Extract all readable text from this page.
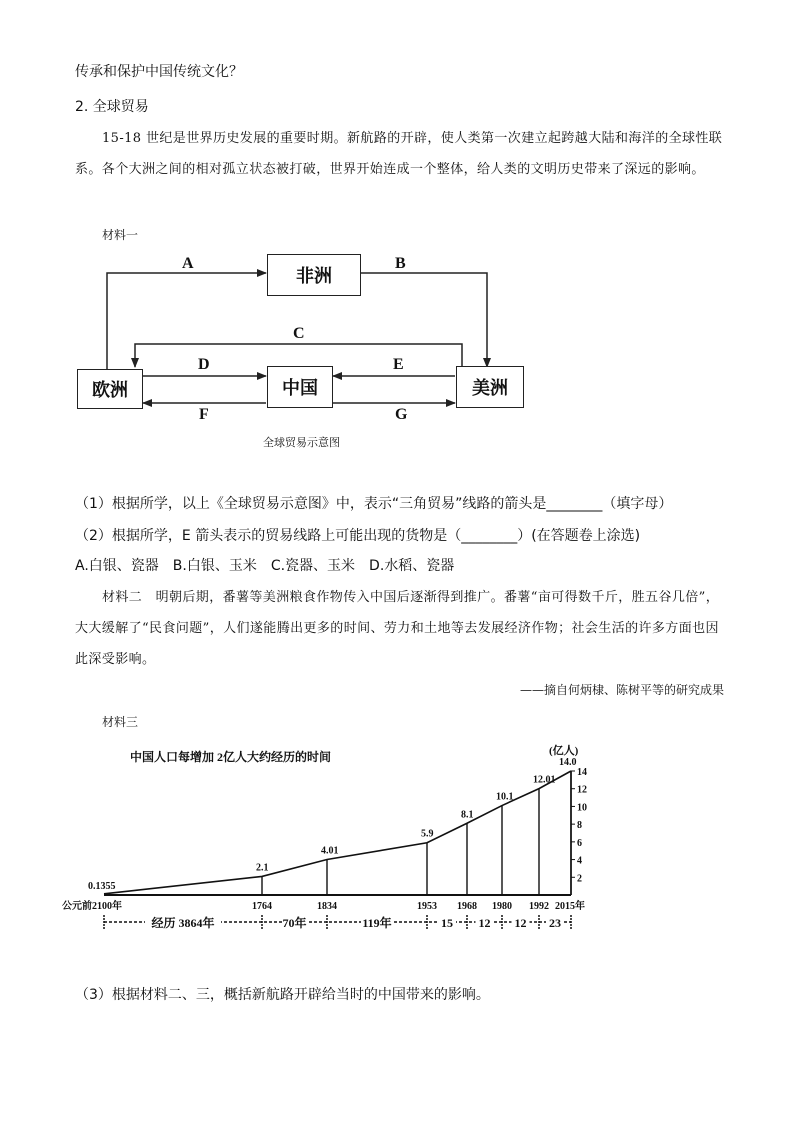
传承和保护中国传统文化？
2. 全球贸易
15-18 世纪是世界历史发展的重要时期。新航路的开辟，使人类第一次建立起跨越大陆和海洋的全球性联系。各个大洲之间的相对孤立状态被打破，世界开始连成一个整体，给人类的文明历史带来了深远的影响。
材料一
非洲
欧洲	中国	美洲
A	B
C
D	E
F	G
全球贸易示意图
（1）根据所学，以上《全球贸易示意图》中，表示“三角贸易”线路的箭头是________（填字母）
（2）根据所学，E 箭头表示的贸易线路上可能出现的货物是（________）(在答题卷上涂选)
A.白银、瓷器　B.白银、玉米　C.瓷器、玉米　D.水稻、瓷器
材料二　明朝后期，番薯等美洲粮食作物传入中国后逐渐得到推广。番薯“亩可得数千斤，胜五谷几倍”，大大缓解了“民食问题”，人们遂能腾出更多的时间、劳力和土地等去发展经济作物；社会生活的许多方面也因此深受影响。
——摘自何炳棣、陈树平等的研究成果
材料三
中国人口每增加 2亿人大约经历的时间	(亿人)
0.1355
2.1
4.01
5.9
8.1
10.1
12.01
14.0
2
4
6
8
10
12
14
公元前2100年	1764	1834	1953 1968 1980 1992 2015年
经历 3864年	70年	119年	15 12 12 23
（3）根据材料二、三，概括新航路开辟给当时的中国带来的影响。
